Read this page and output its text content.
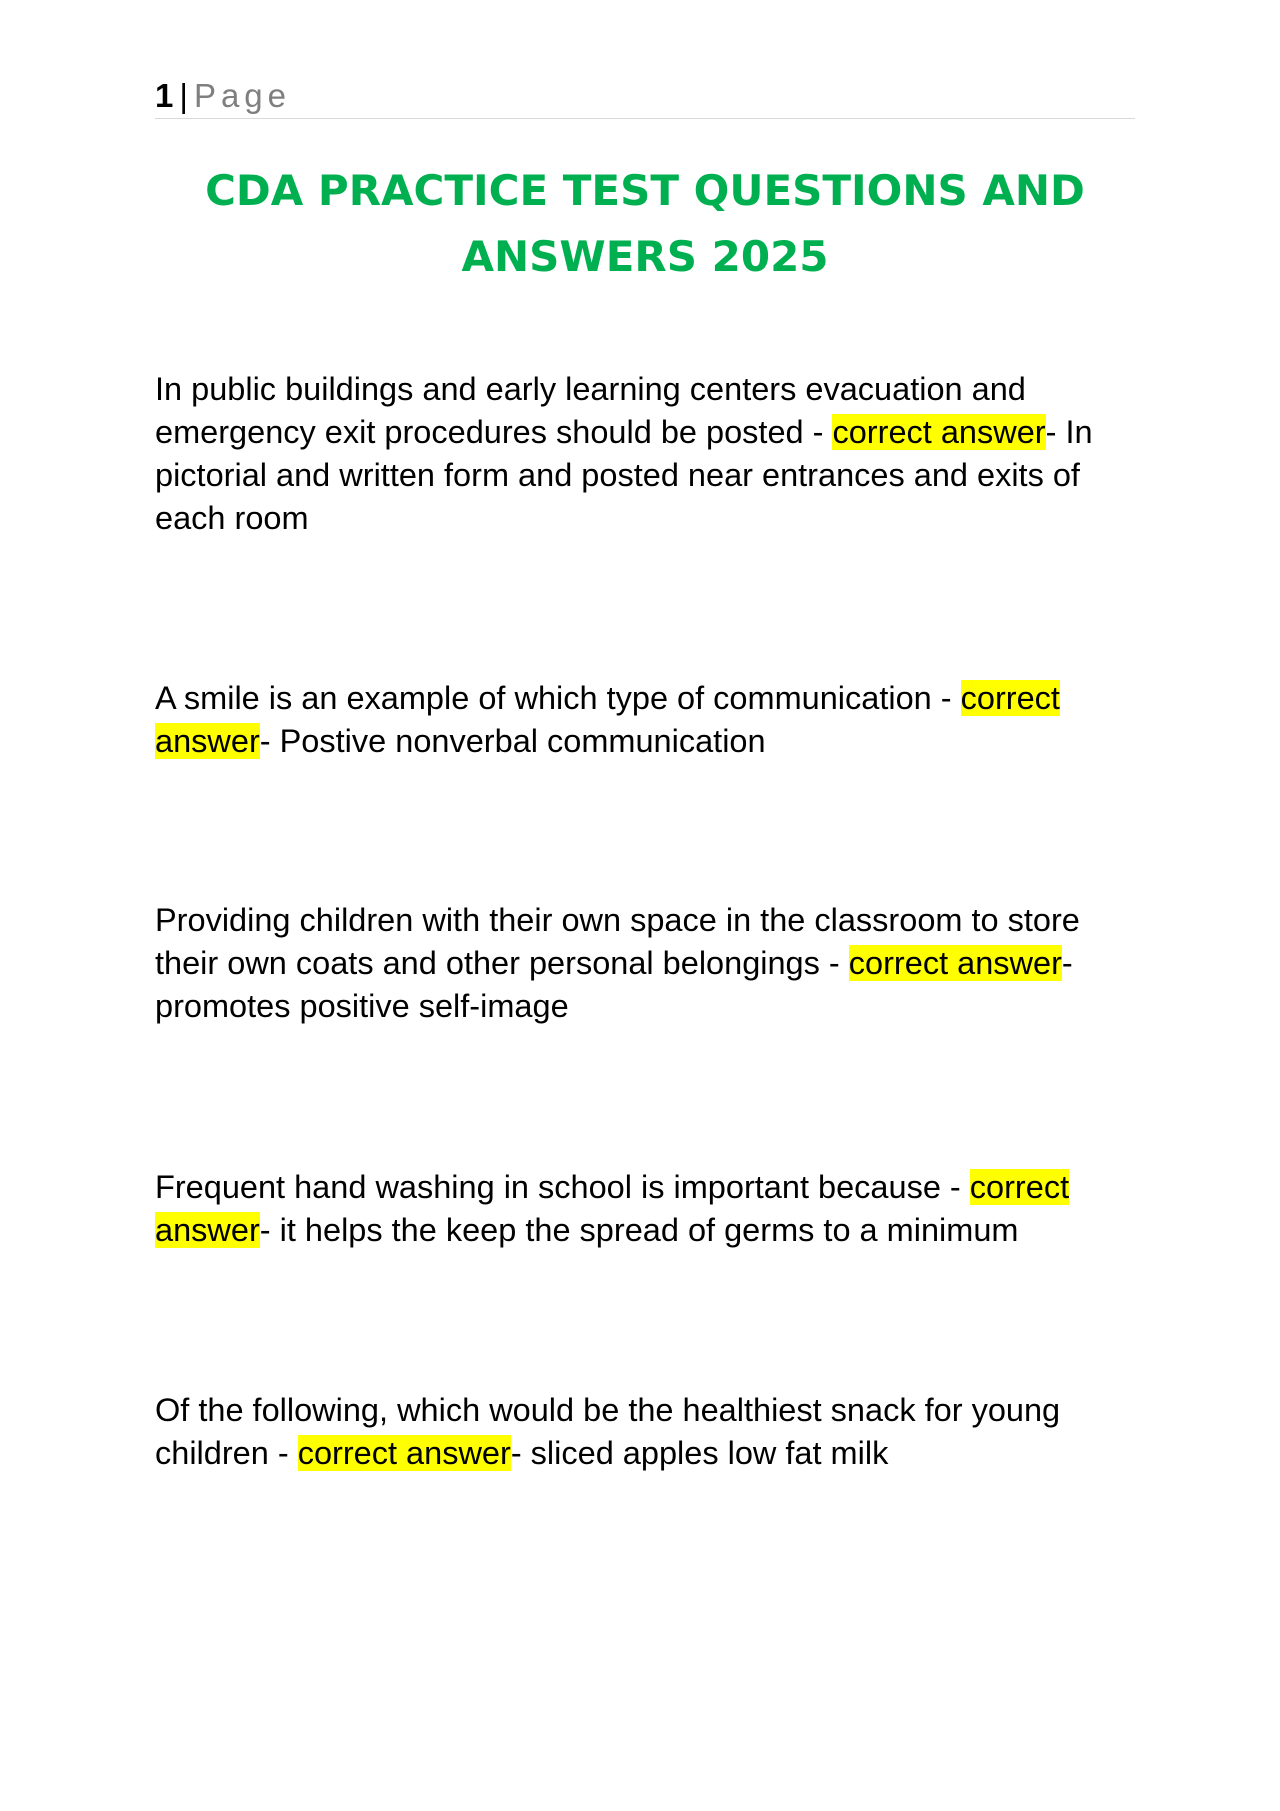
1 | Page
CDA PRACTICE TEST QUESTIONS AND ANSWERS 2025

In public buildings and early learning centers evacuation and emergency exit procedures should be posted - correct answer- In pictorial and written form and posted near entrances and exits of each room

A smile is an example of which type of communication - correct answer- Postive nonverbal communication

Providing children with their own space in the classroom to store their own coats and other personal belongings - correct answer- promotes positive self-image

Frequent hand washing in school is important because - correct answer- it helps the keep the spread of germs to a minimum

Of the following, which would be the healthiest snack for young children - correct answer- sliced apples low fat milk
